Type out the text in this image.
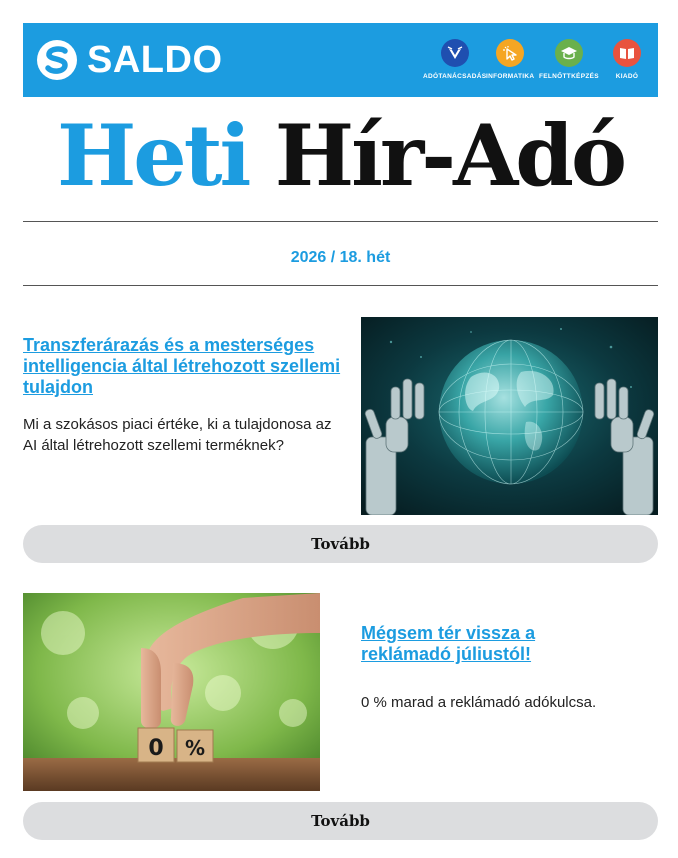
SALDO	ADÓTANÁCSADÁS INFORMATIKA FELNŐTTKÉPZÉS	KIADÓ
Heti Hír-Adó
2026 / 18. hét
Transzferárazás és a mesterséges intelligencia által létrehozott szellemi tulajdon
Mi a szokásos piaci értéke, ki a tulajdonosa az AI által létrehozott szellemi terméknek?
Tovább
0 %
Mégsem tér vissza a reklámadó júliustól!
0 % marad a reklámadó adókulcsa.
Tovább
